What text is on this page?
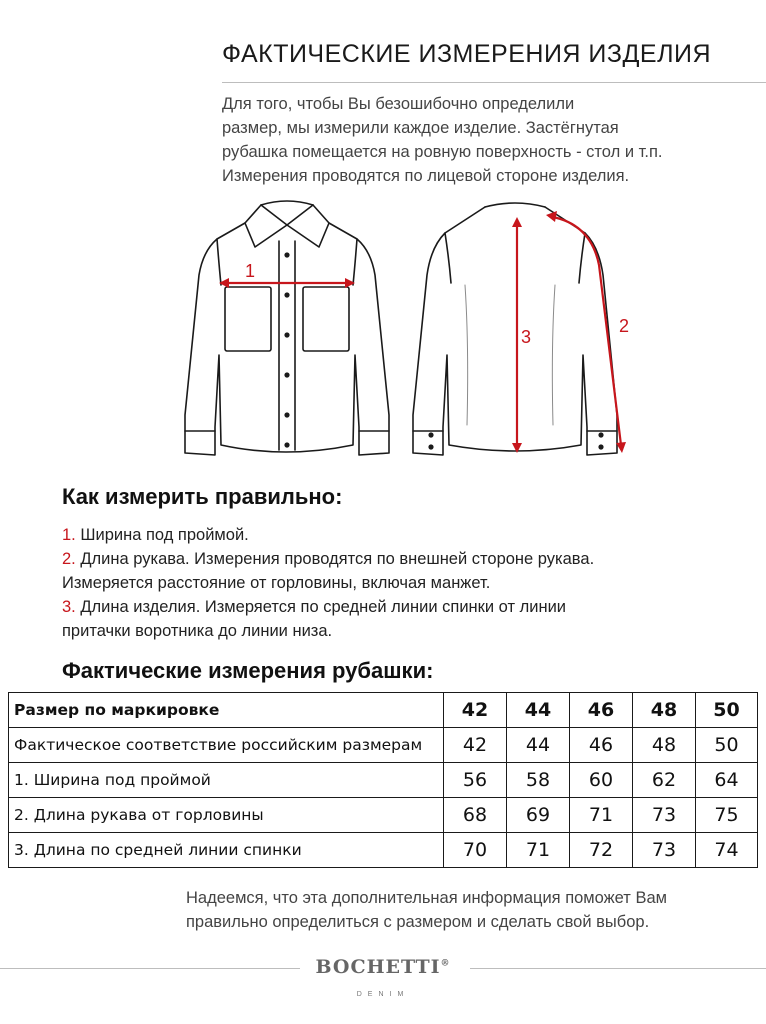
ФАКТИЧЕСКИЕ ИЗМЕРЕНИЯ ИЗДЕЛИЯ
Для того, чтобы Вы безошибочно определили
размер, мы измерили каждое изделие. Застёгнутая
рубашка помещается на ровную поверхность - стол и т.п.
Измерения проводятся по лицевой стороне изделия.
1
3
2
Как измерить правильно:
1. Ширина под проймой.
2. Длина рукава. Измерения проводятся по внешней стороне рукава.
Измеряется расстояние от горловины, включая манжет.
3. Длина изделия. Измеряется по средней линии спинки от линии
притачки воротника до линии низа.
Фактические измерения рубашки:
Размер по маркировке	42	44	46	48	50
Фактическое соответствие российским размерам	42	44	46	48	50
1. Ширина под проймой	56	58	60	62	64
2. Длина рукава от горловины	68	69	71	73	75
3. Длина по средней линии спинки	70	71	72	73	74
Надеемся, что эта дополнительная информация поможет Вам
правильно определиться с размером и сделать свой выбор.
BOCHETTI®
DENIM
